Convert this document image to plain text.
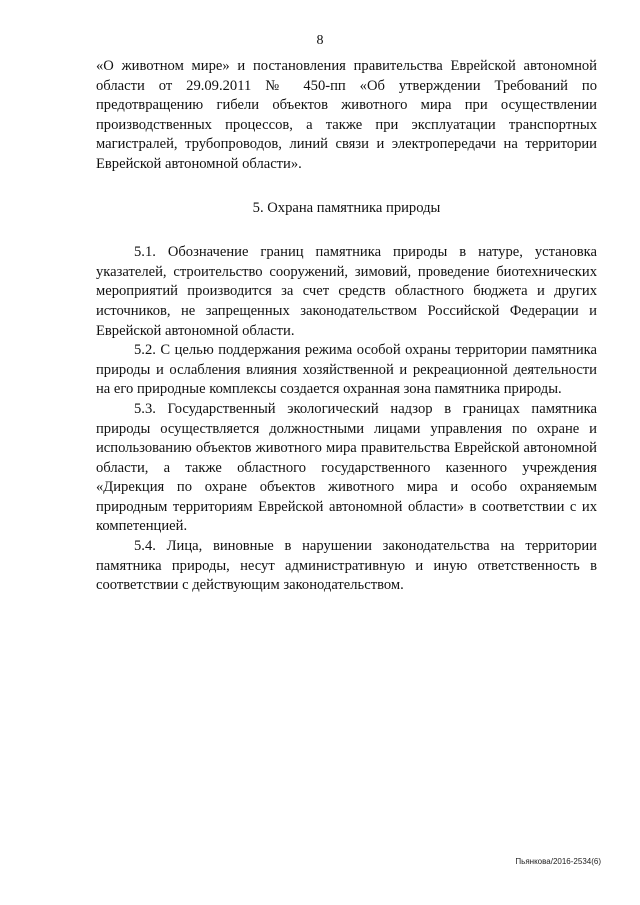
8

«О животном мире» и постановления правительства Еврейской автономной области от 29.09.2011 № 450-пп «Об утверждении Требований по предотвращению гибели объектов животного мира при осуществлении производственных процессов, а также при эксплуатации транспортных магистралей, трубопроводов, линий связи и электропередачи на территории Еврейской автономной области».

5. Охрана памятника природы

5.1. Обозначение границ памятника природы в натуре, установка указателей, строительство сооружений, зимовий, проведение биотехнических мероприятий производится за счет средств областного бюджета и других источников, не запрещенных законодательством Российской Федерации и Еврейской автономной области.

5.2. С целью поддержания режима особой охраны территории памятника природы и ослабления влияния хозяйственной и рекреационной деятельности на его природные комплексы создается охранная зона памятника природы.

5.3. Государственный экологический надзор в границах памятника природы осуществляется должностными лицами управления по охране и использованию объектов животного мира правительства Еврейской автономной области, а также областного государственного казенного учреждения «Дирекция по охране объектов животного мира и особо охраняемым природным территориям Еврейской автономной области» в соответствии с их компетенцией.

5.4. Лица, виновные в нарушении законодательства на территории памятника природы, несут административную и иную ответственность в соответствии с действующим законодательством.

Пьянкова/2016-2534(6)
